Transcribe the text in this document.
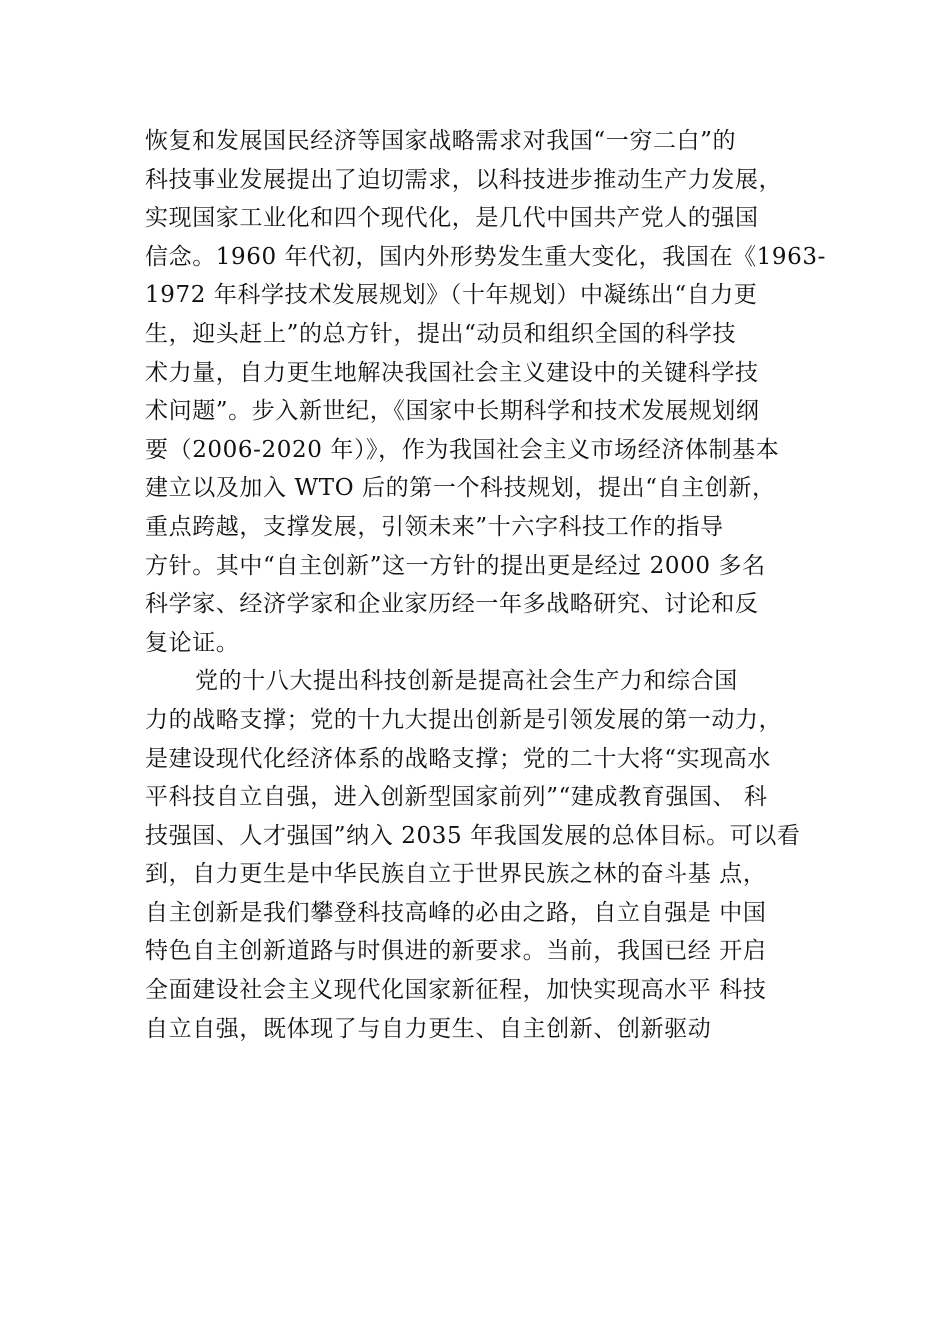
恢复和发展国民经济等国家战略需求对我国“一穷二白”的
科技事业发展提出了迫切需求，以科技进步推动生产力发展，
实现国家工业化和四个现代化，是几代中国共产党人的强国
信念。1960 年代初，国内外形势发生重大变化，我国在《1963-
1972 年科学技术发展规划》（十年规划）中凝练出“自力更
生，迎头赶上”的总方针，提出“动员和组织全国的科学技
术力量，自力更生地解决我国社会主义建设中的关键科学技
术问题”。步入新世纪，《国家中长期科学和技术发展规划纲
要（2006-2020 年）》，作为我国社会主义市场经济体制基本
建立以及加入 WTO 后的第一个科技规划，提出“自主创新，
重点跨越，支撑发展，引领未来”十六字科技工作的指导
方针。其中“自主创新”这一方针的提出更是经过 2000 多名
科学家、经济学家和企业家历经一年多战略研究、讨论和反
复论证。
党的十八大提出科技创新是提高社会生产力和综合国
力的战略支撑；党的十九大提出创新是引领发展的第一动力，
是建设现代化经济体系的战略支撑；党的二十大将“实现高水
平科技自立自强，进入创新型国家前列”“建成教育强国、 科
技强国、人才强国”纳入 2035 年我国发展的总体目标。可以看
到，自力更生是中华民族自立于世界民族之林的奋斗基 点，
自主创新是我们攀登科技高峰的必由之路，自立自强是 中国
特色自主创新道路与时俱进的新要求。当前，我国已经 开启
全面建设社会主义现代化国家新征程，加快实现高水平 科技
自立自强，既体现了与自力更生、自主创新、创新驱动
